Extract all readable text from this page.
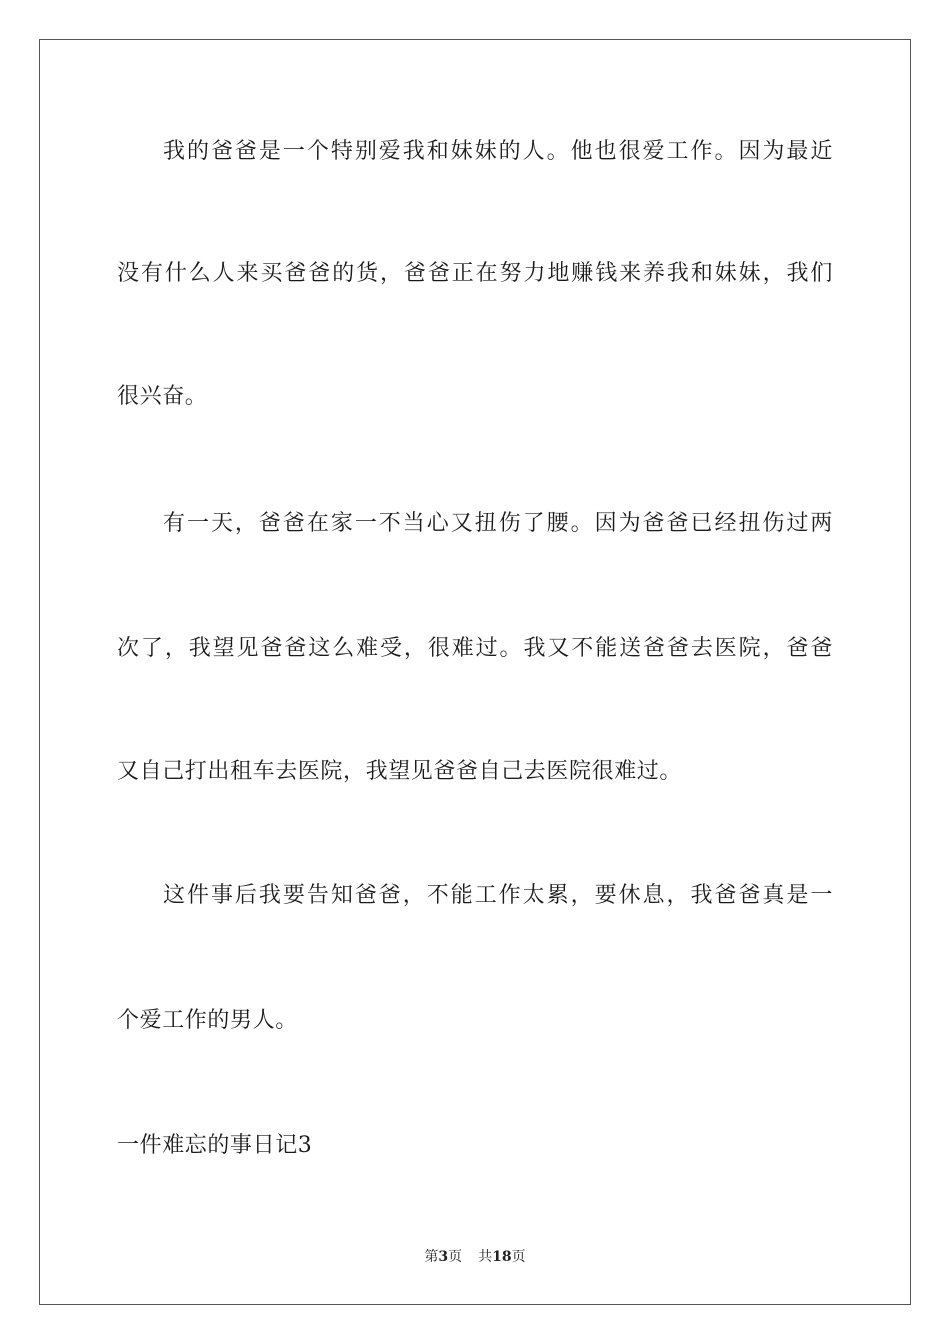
我的爸爸是一个特别爱我和妹妹的人。他也很爱工作。因为最近
没有什么人来买爸爸的货，爸爸正在努力地赚钱来养我和妹妹，我们
很兴奋。
有一天，爸爸在家一不当心又扭伤了腰。因为爸爸已经扭伤过两
次了，我望见爸爸这么难受，很难过。我又不能送爸爸去医院，爸爸
又自己打出租车去医院，我望见爸爸自己去医院很难过。
这件事后我要告知爸爸，不能工作太累，要休息，我爸爸真是一
个爱工作的男人。
一件难忘的事日记3
第3页 共18页
